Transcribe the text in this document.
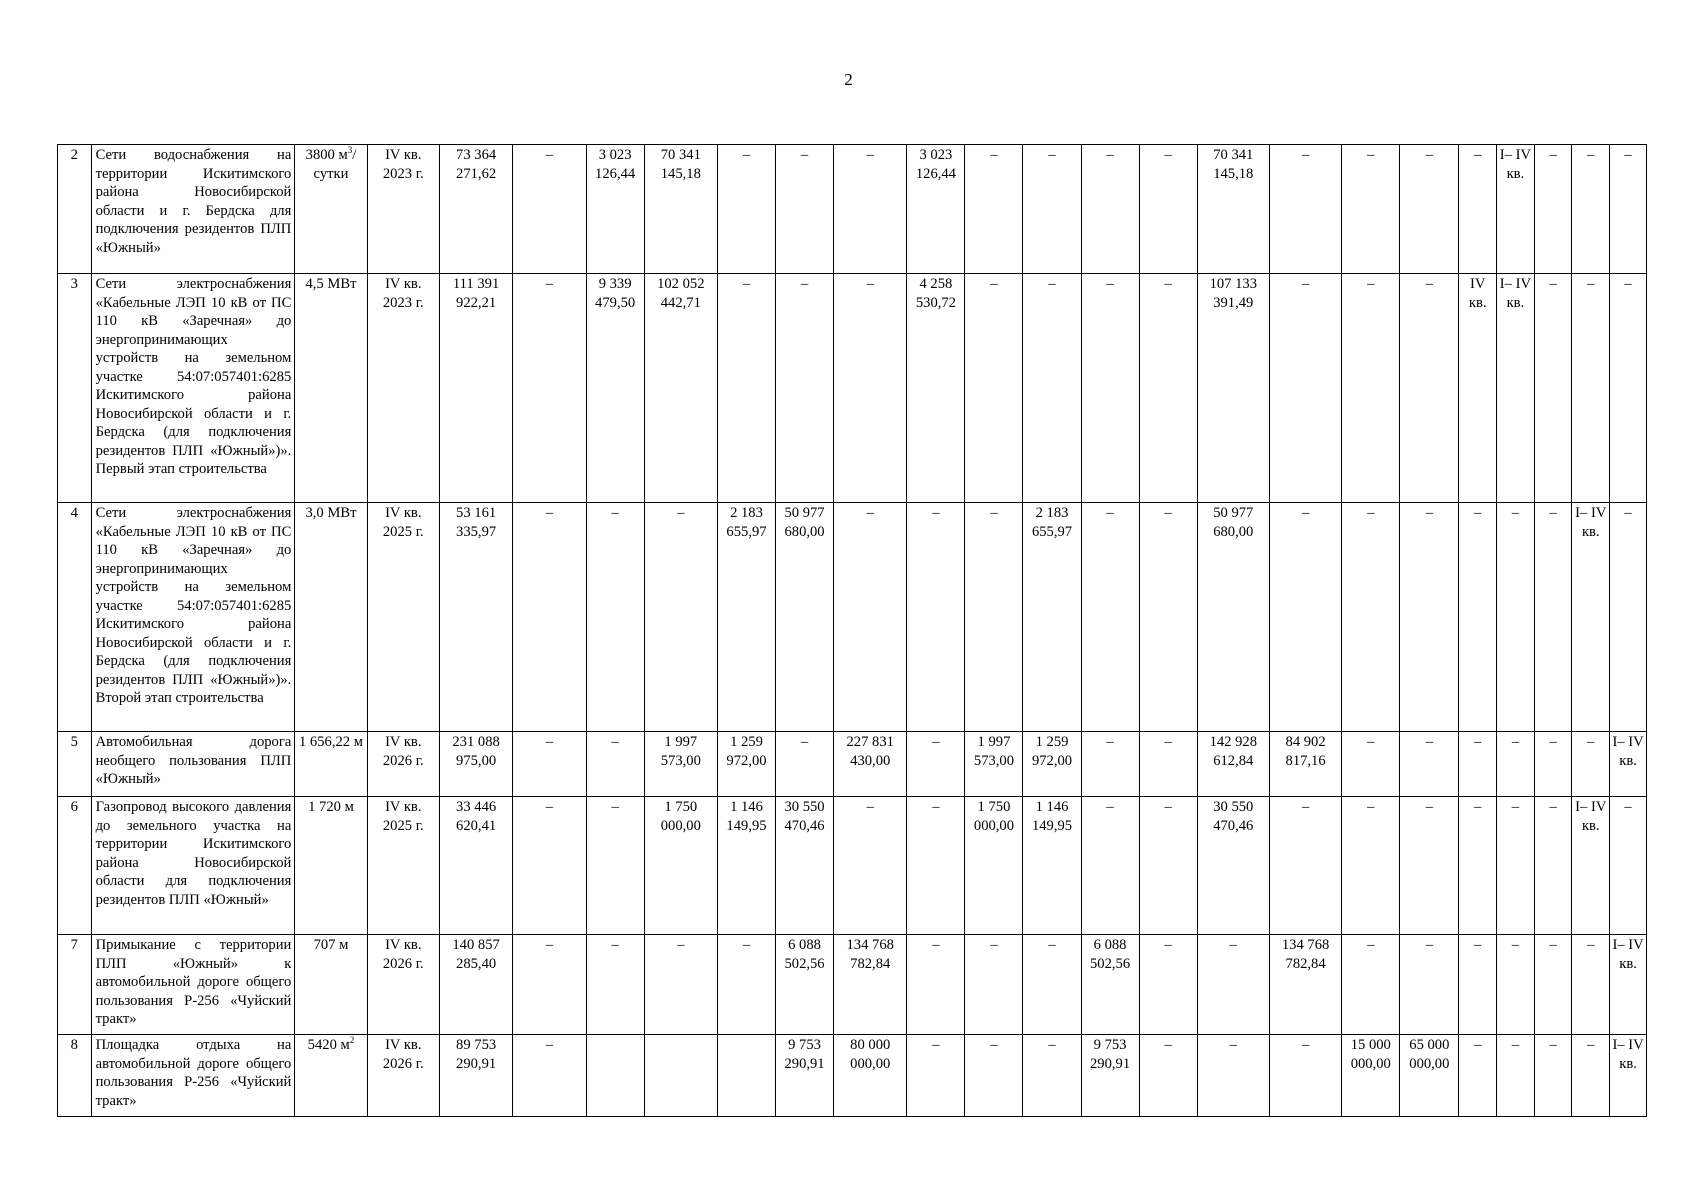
2
2	Сети водоснабжения на территории Искитимского района Новосибирской области и г. Бердска для подключения резидентов ПЛП «Южный»	3800 $м^3$/сутки	IV кв. 2023 г.	73 364 271,62	–	3 023 126,44	70 341 145,18	–	–	–	3 023 126,44	–	–	–	–	70 341 145,18	–	–	–	–	I– IV кв.	–	–	–
3	Сети электроснабжения «Кабельные ЛЭП 10 кВ от ПС 110 кВ «Заречная» до энергопринимающих устройств на земельном участке 54:07:057401:6285 Искитимского района Новосибирской области и г. Бердска (для подключения резидентов ПЛП «Южный»)». Первый этап строительства	4,5 МВт	IV кв. 2023 г.	111 391 922,21	–	9 339 479,50	102 052 442,71	–	–	–	4 258 530,72	–	–	–	–	107 133 391,49	–	–	–	IV кв.	I– IV кв.	–	–	–
4	Сети электроснабжения «Кабельные ЛЭП 10 кВ от ПС 110 кВ «Заречная» до энергопринимающих устройств на земельном участке 54:07:057401:6285 Искитимского района Новосибирской области и г. Бердска (для подключения резидентов ПЛП «Южный»)». Второй этап строительства	3,0 МВт	IV кв. 2025 г.	53 161 335,97	–	–	–	2 183 655,97	50 977 680,00	–	–	–	2 183 655,97	–	–	50 977 680,00	–	–	–	–	–	–	I– IV кв.	–
5	Автомобильная дорога необщего пользования ПЛП «Южный»	1 656,22 м	IV кв. 2026 г.	231 088 975,00	–	–	1 997 573,00	1 259 972,00	–	227 831 430,00	–	1 997 573,00	1 259 972,00	–	–	142 928 612,84	84 902 817,16	–	–	–	–	–	–	I– IV кв.
6	Газопровод высокого давления до земельного участка на территории Искитимского района Новосибирской области для подключения резидентов ПЛП «Южный»	1 720 м	IV кв. 2025 г.	33 446 620,41	–	–	1 750 000,00	1 146 149,95	30 550 470,46	–	–	1 750 000,00	1 146 149,95	–	–	30 550 470,46	–	–	–	–	–	–	I– IV кв.	–
7	Примыкание с территории ПЛП «Южный» к автомобильной дороге общего пользования Р-256 «Чуйский тракт»	707 м	IV кв. 2026 г.	140 857 285,40	–	–	–	–	6 088 502,56	134 768 782,84	–	–	–	6 088 502,56	–	–	134 768 782,84	–	–	–	–	–	–	I– IV кв.
8	Площадка отдыха на автомобильной дороге общего пользования Р-256 «Чуйский тракт»	5420 $м^2$	IV кв. 2026 г.	89 753 290,91	–				9 753 290,91	80 000 000,00	–	–	–	9 753 290,91	–	–	–	15 000 000,00	65 000 000,00	–	–	–	–	I– IV кв.
